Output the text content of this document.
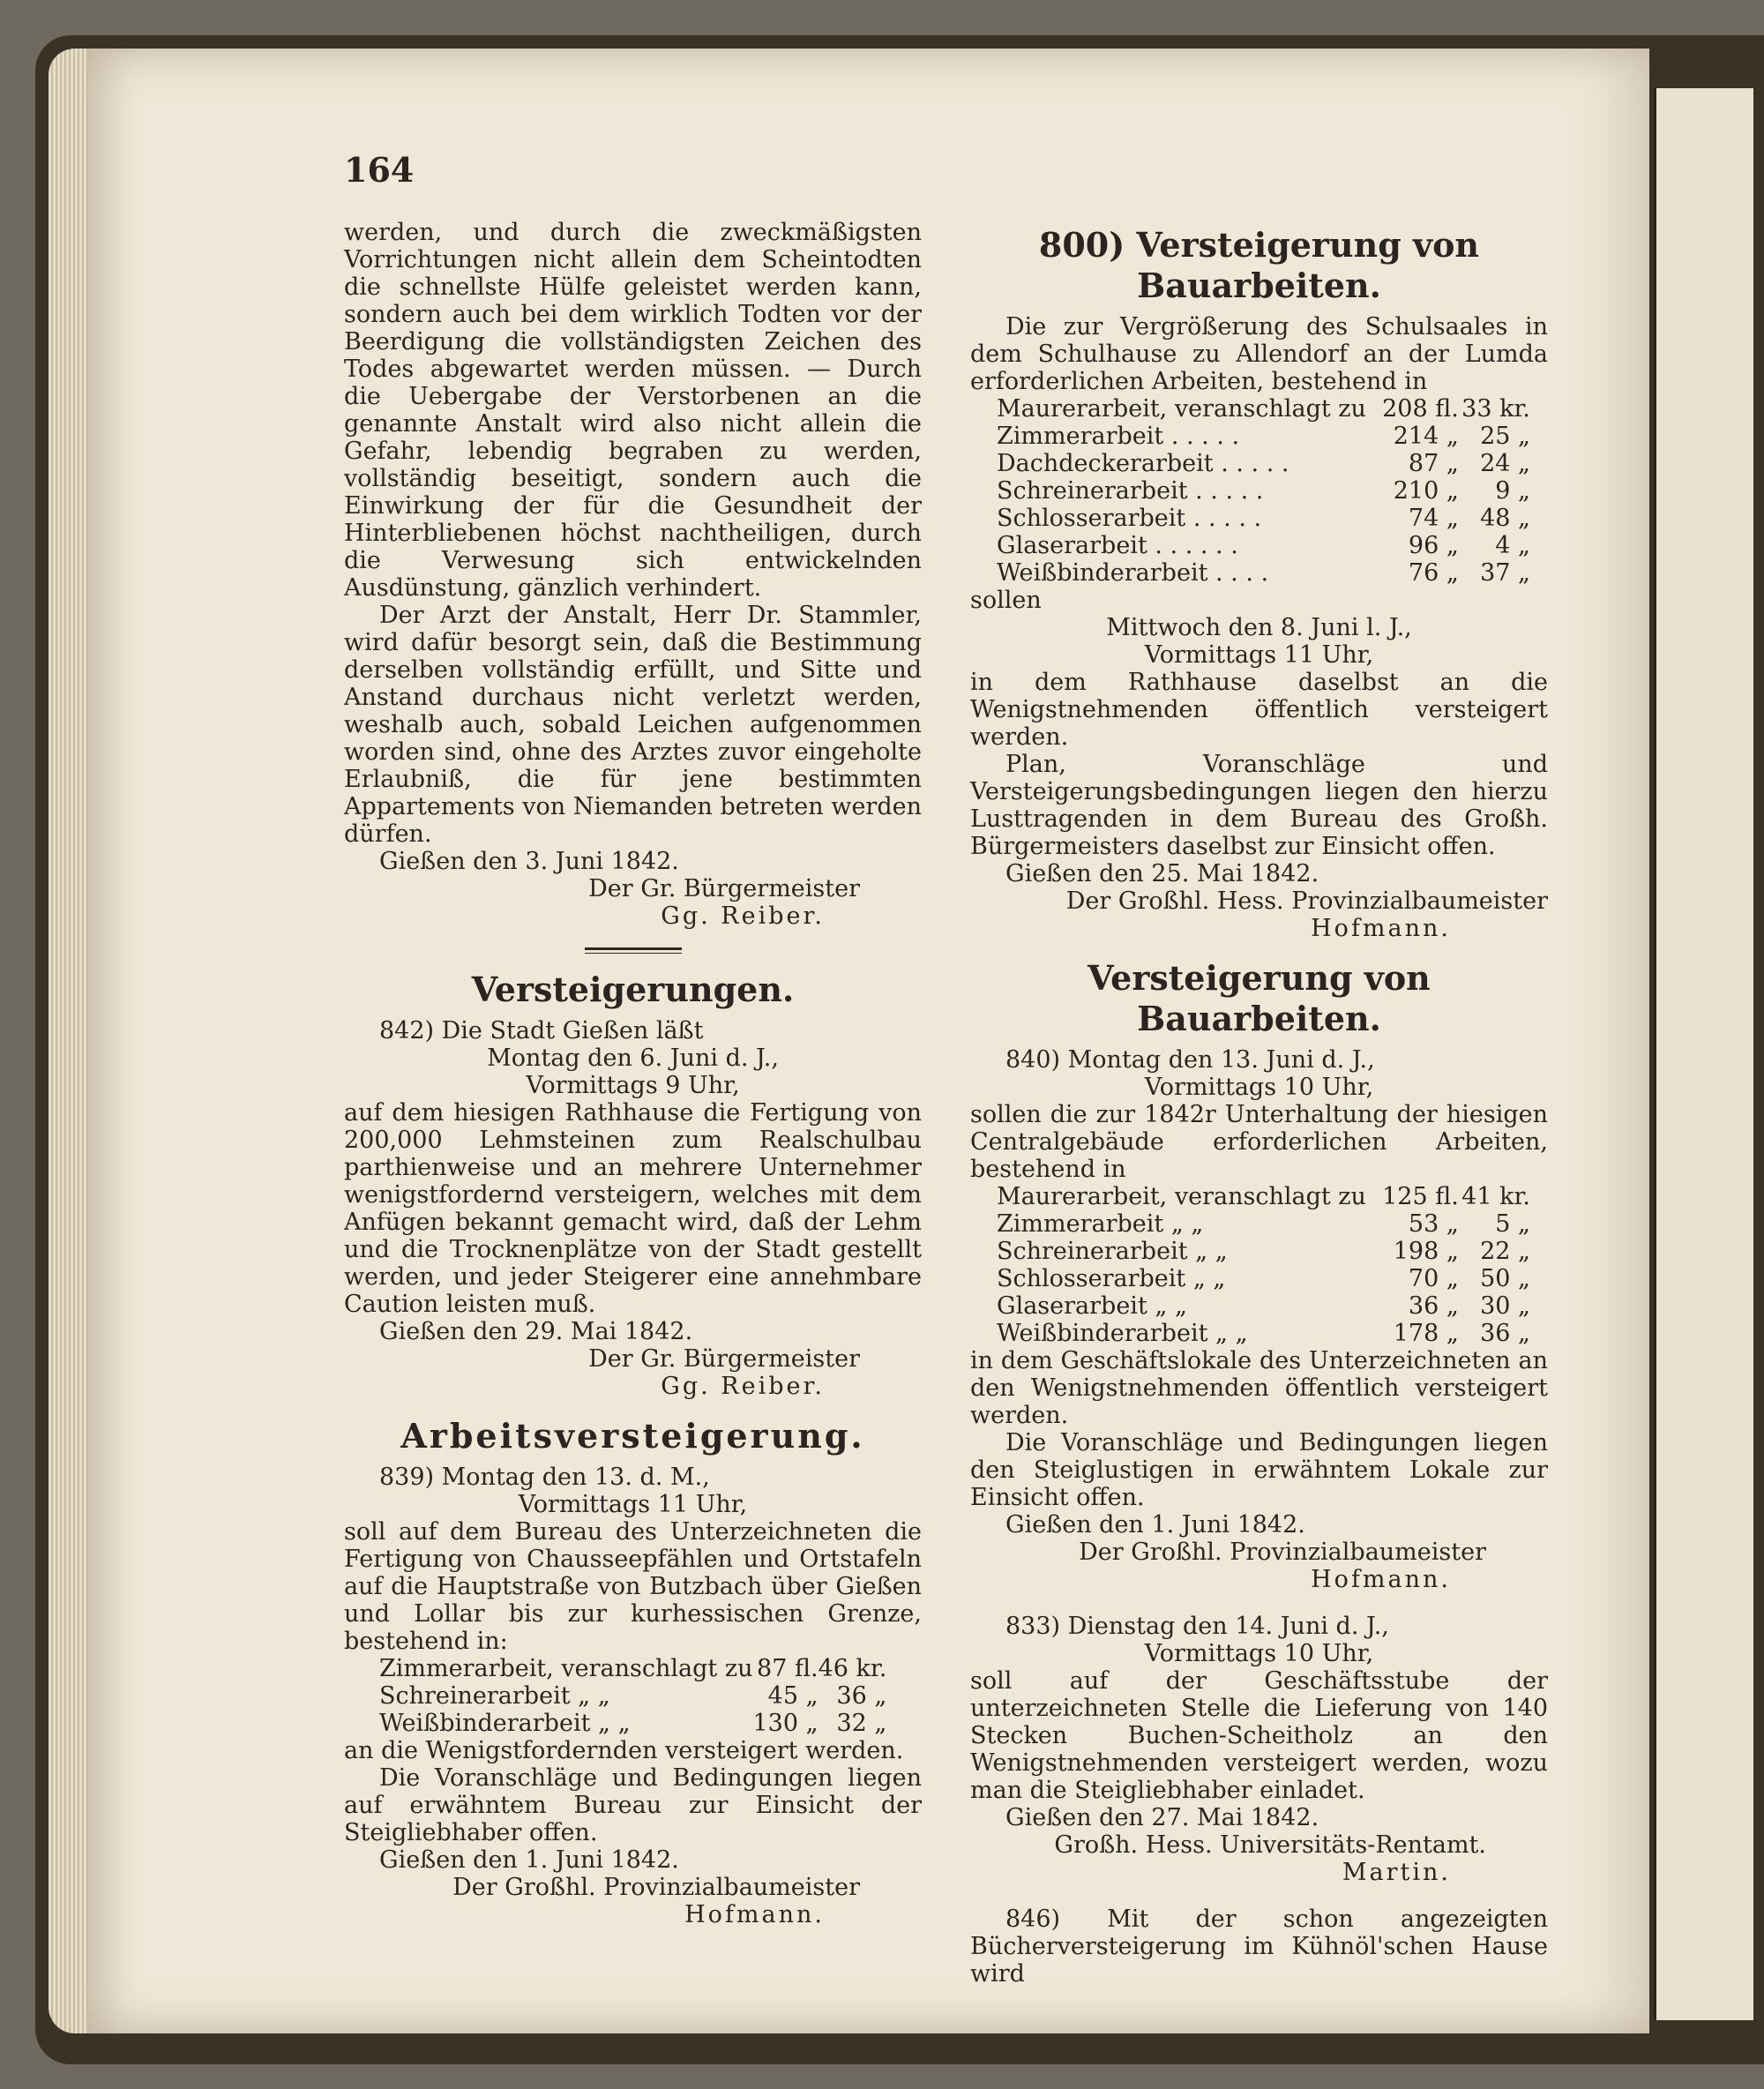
164

werden, und durch die zweckmäßigsten Vorrichtungen nicht allein dem Scheintodten die schnellste Hülfe geleistet werden kann, sondern auch bei dem wirklich Todten vor der Beerdigung die vollständigsten Zeichen des Todes abgewartet werden müssen. — Durch die Uebergabe der Verstorbenen an die genannte Anstalt wird also nicht allein die Gefahr, lebendig begraben zu werden, vollständig beseitigt, sondern auch die Einwirkung der für die Gesundheit der Hinterbliebenen höchst nachtheiligen, durch die Verwesung sich entwickelnden Ausdünstung, gänzlich verhindert.

Der Arzt der Anstalt, Herr Dr. Stammler, wird dafür besorgt sein, daß die Bestimmung derselben vollständig erfüllt, und Sitte und Anstand durchaus nicht verletzt werden, weshalb auch, sobald Leichen aufgenommen worden sind, ohne des Arztes zuvor eingeholte Erlaubniß, die für jene bestimmten Appartements von Niemanden betreten werden dürfen.

Gießen den 3. Juni 1842.

Der Gr. Bürgermeister

Gg. Reiber.

Versteigerungen.

842) Die Stadt Gießen läßt

Montag den 6. Juni d. J.,

Vormittags 9 Uhr,

auf dem hiesigen Rathhause die Fertigung von 200,000 Lehmsteinen zum Realschulbau parthienweise und an mehrere Unternehmer wenigstfordernd versteigern, welches mit dem Anfügen bekannt gemacht wird, daß der Lehm und die Trocknenplätze von der Stadt gestellt werden, und jeder Steigerer eine annehmbare Caution leisten muß.

Gießen den 29. Mai 1842.

Der Gr. Bürgermeister

Gg. Reiber.

Arbeitsversteigerung.

839) Montag den 13. d. M.,

Vormittags 11 Uhr,

soll auf dem Bureau des Unterzeichneten die Fertigung von Chausseepfählen und Ortstafeln auf die Hauptstraße von Butzbach über Gießen und Lollar bis zur kurhessischen Grenze, bestehend in:

Zimmerarbeit, veranschlagt zu	87 fl.	46 kr.
Schreinerarbeit „ „	45 „	36 „
Weißbinderarbeit „ „	130 „	32 „

an die Wenigstfordernden versteigert werden.

Die Voranschläge und Bedingungen liegen auf erwähntem Bureau zur Einsicht der Steigliebhaber offen.

Gießen den 1. Juni 1842.

Der Großhl. Provinzialbaumeister

Hofmann.

800) Versteigerung von Bauarbeiten.

Die zur Vergrößerung des Schulsaales in dem Schulhause zu Allendorf an der Lumda erforderlichen Arbeiten, bestehend in

Maurerarbeit, veranschlagt zu	208 fl.	33 kr.
Zimmerarbeit . . . . .	214 „	25 „
Dachdeckerarbeit . . . . .	87 „	24 „
Schreinerarbeit . . . . .	210 „	9 „
Schlosserarbeit . . . . .	74 „	48 „
Glaserarbeit . . . . . .	96 „	4 „
Weißbinderarbeit . . . .	76 „	37 „

sollen

Mittwoch den 8. Juni l. J.,

Vormittags 11 Uhr,

in dem Rathhause daselbst an die Wenigstnehmenden öffentlich versteigert werden.

Plan, Voranschläge und Versteigerungsbedingungen liegen den hierzu Lusttragenden in dem Bureau des Großh. Bürgermeisters daselbst zur Einsicht offen.

Gießen den 25. Mai 1842.

Der Großhl. Hess. Provinzialbaumeister

Hofmann.

Versteigerung von Bauarbeiten.

840) Montag den 13. Juni d. J.,

Vormittags 10 Uhr,

sollen die zur 1842r Unterhaltung der hiesigen Centralgebäude erforderlichen Arbeiten, bestehend in

Maurerarbeit, veranschlagt zu	125 fl.	41 kr.
Zimmerarbeit „ „	53 „	5 „
Schreinerarbeit „ „	198 „	22 „
Schlosserarbeit „ „	70 „	50 „
Glaserarbeit „ „	36 „	30 „
Weißbinderarbeit „ „	178 „	36 „

in dem Geschäftslokale des Unterzeichneten an den Wenigstnehmenden öffentlich versteigert werden.

Die Voranschläge und Bedingungen liegen den Steiglustigen in erwähntem Lokale zur Einsicht offen.

Gießen den 1. Juni 1842.

Der Großhl. Provinzialbaumeister

Hofmann.

833) Dienstag den 14. Juni d. J.,

Vormittags 10 Uhr,

soll auf der Geschäftsstube der unterzeichneten Stelle die Lieferung von 140 Stecken Buchen-Scheitholz an den Wenigstnehmenden versteigert werden, wozu man die Steigliebhaber einladet.

Gießen den 27. Mai 1842.

Großh. Hess. Universitäts-Rentamt.

Martin.

846) Mit der schon angezeigten Bücherversteigerung im Kühnöl'schen Hause wird
